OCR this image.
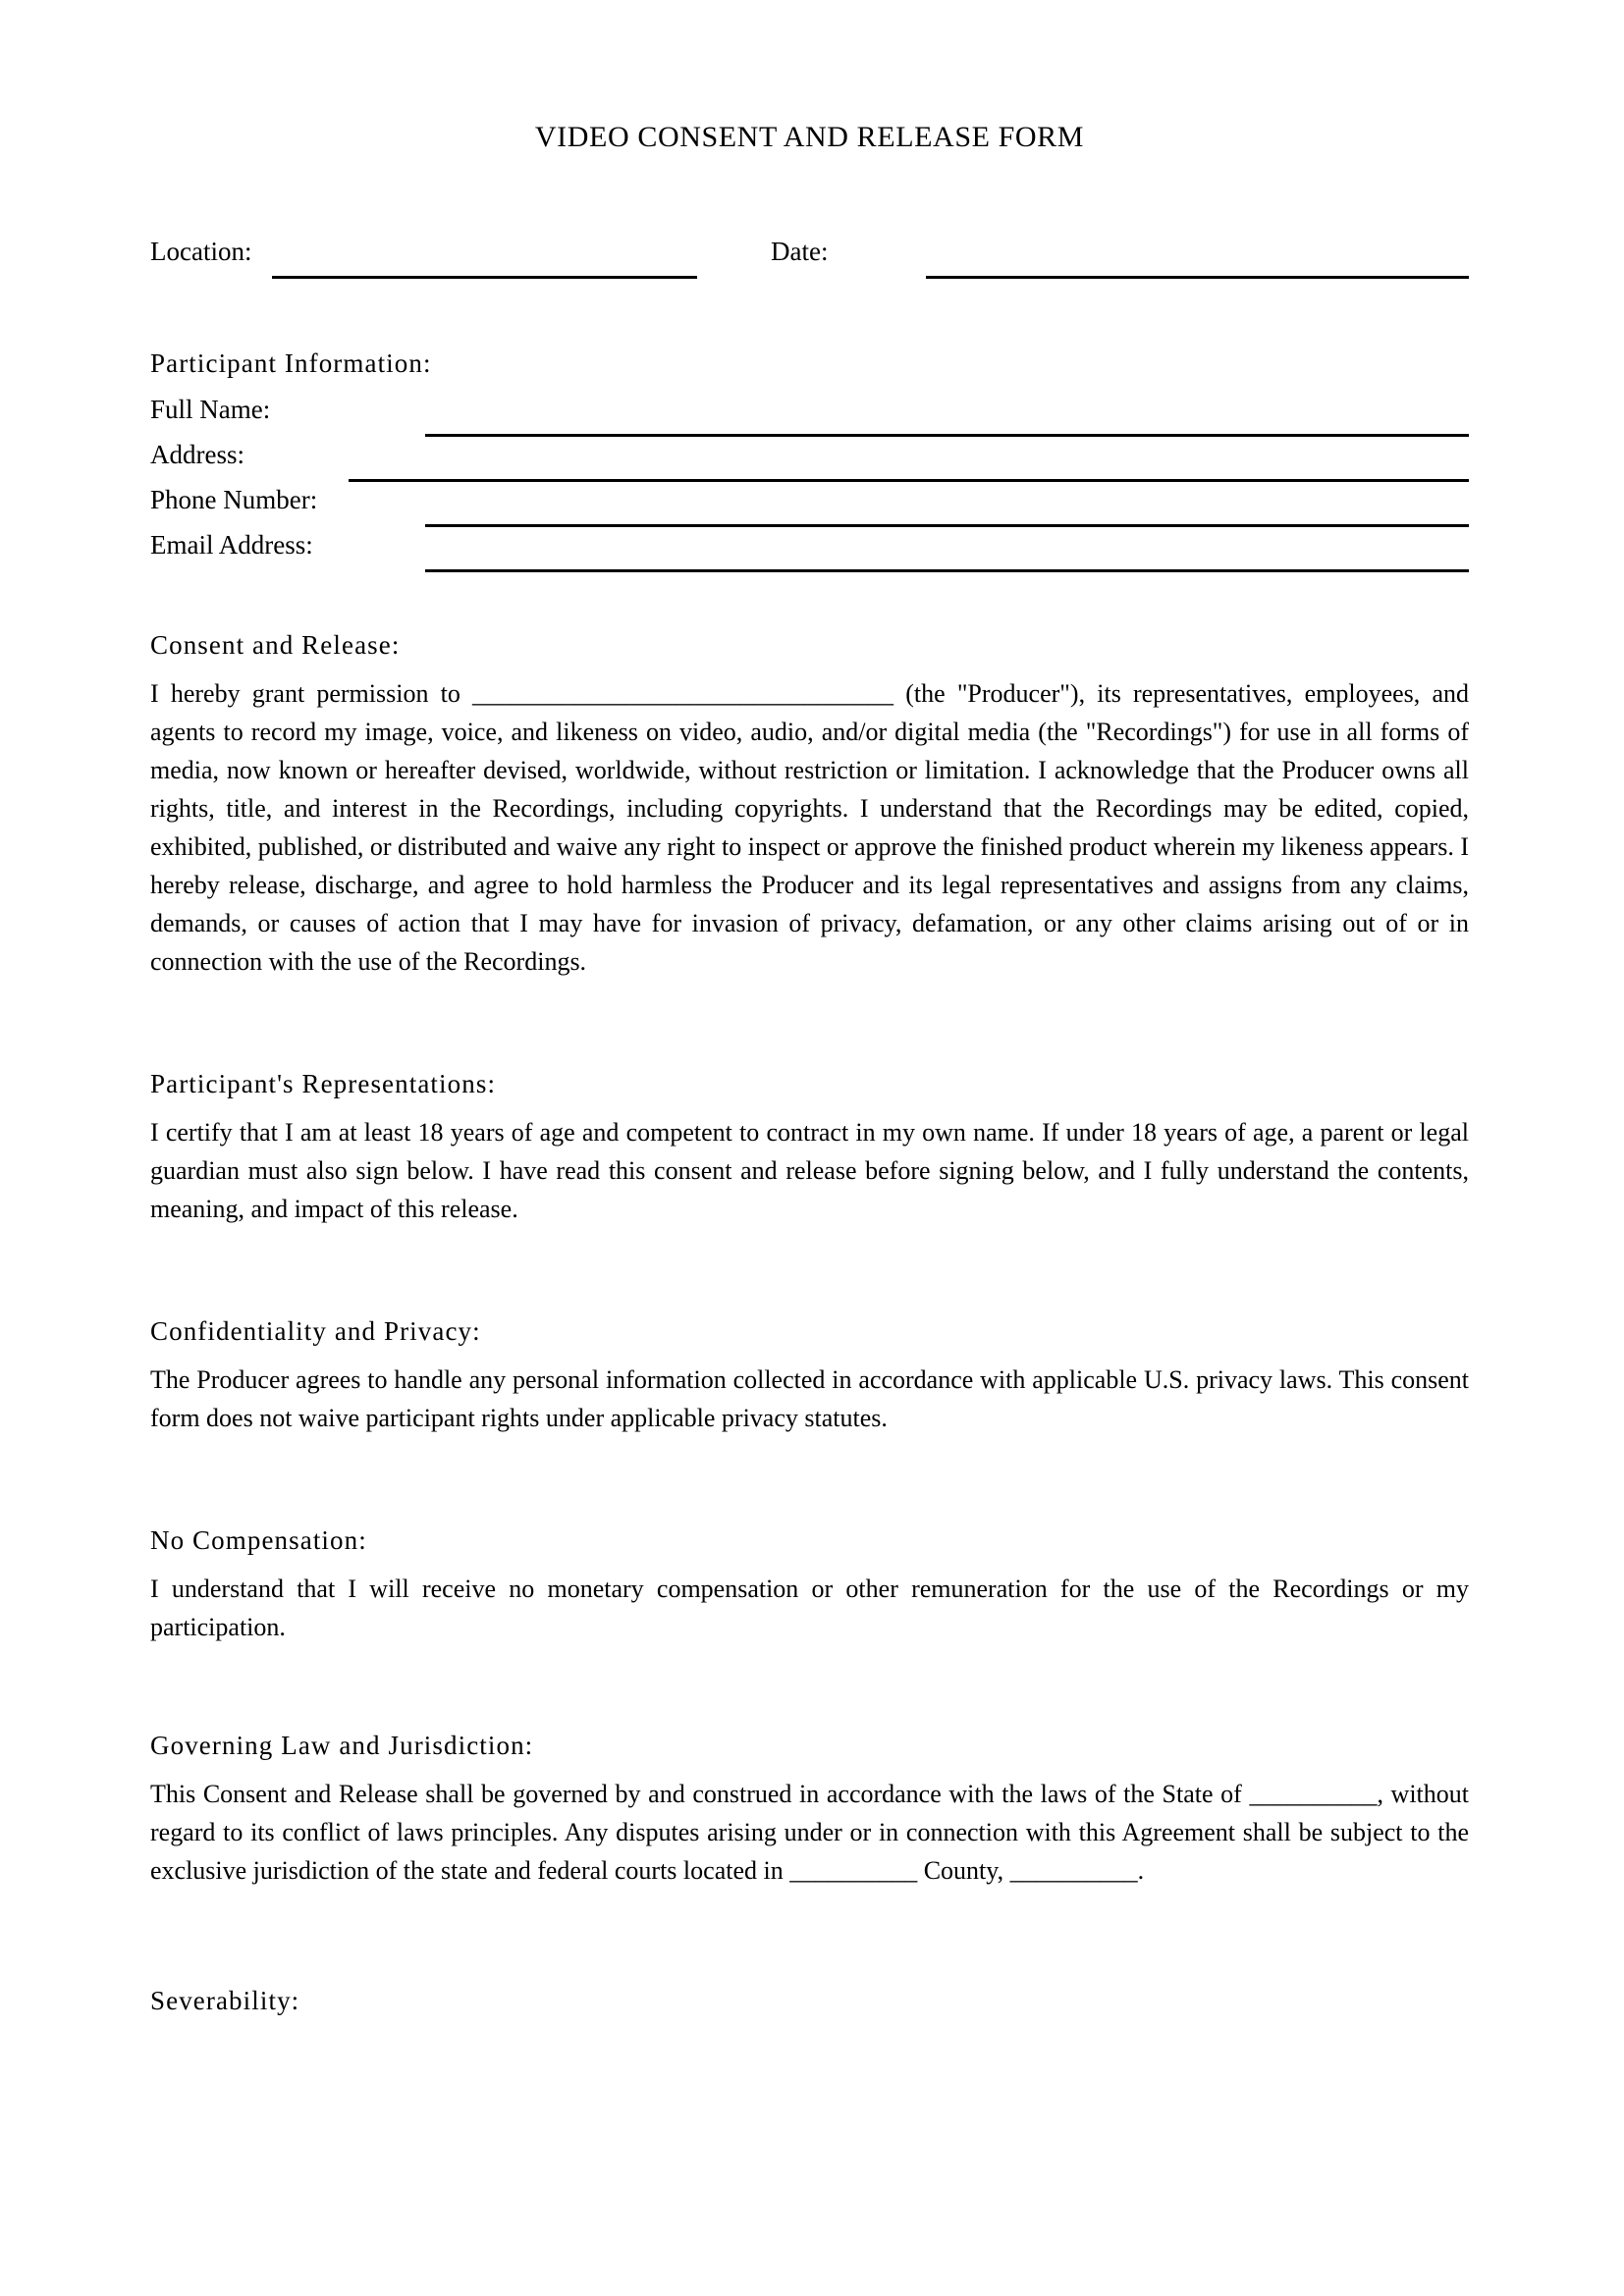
VIDEO CONSENT AND RELEASE FORM
Location:	Date:
Participant Information:
Full Name:
Address:
Phone Number:
Email Address:
Consent and Release:

I hereby grant permission to _________________________________ (the "Producer"), its representatives, employees, and agents to record my image, voice, and likeness on video, audio, and/or digital media (the "Recordings") for use in all forms of media, now known or hereafter devised, worldwide, without restriction or limitation. I acknowledge that the Producer owns all rights, title, and interest in the Recordings, including copyrights. I understand that the Recordings may be edited, copied, exhibited, published, or distributed and waive any right to inspect or approve the finished product wherein my likeness appears. I hereby release, discharge, and agree to hold harmless the Producer and its legal representatives and assigns from any claims, demands, or causes of action that I may have for invasion of privacy, defamation, or any other claims arising out of or in connection with the use of the Recordings.

Participant's Representations:

I certify that I am at least 18 years of age and competent to contract in my own name. If under 18 years of age, a parent or legal guardian must also sign below. I have read this consent and release before signing below, and I fully understand the contents, meaning, and impact of this release.

Confidentiality and Privacy:

The Producer agrees to handle any personal information collected in accordance with applicable U.S. privacy laws. This consent form does not waive participant rights under applicable privacy statutes.

No Compensation:

I understand that I will receive no monetary compensation or other remuneration for the use of the Recordings or my participation.

Governing Law and Jurisdiction:

This Consent and Release shall be governed by and construed in accordance with the laws of the State of __________, without regard to its conflict of laws principles. Any disputes arising under or in connection with this Agreement shall be subject to the exclusive jurisdiction of the state and federal courts located in __________ County, __________.

Severability:
